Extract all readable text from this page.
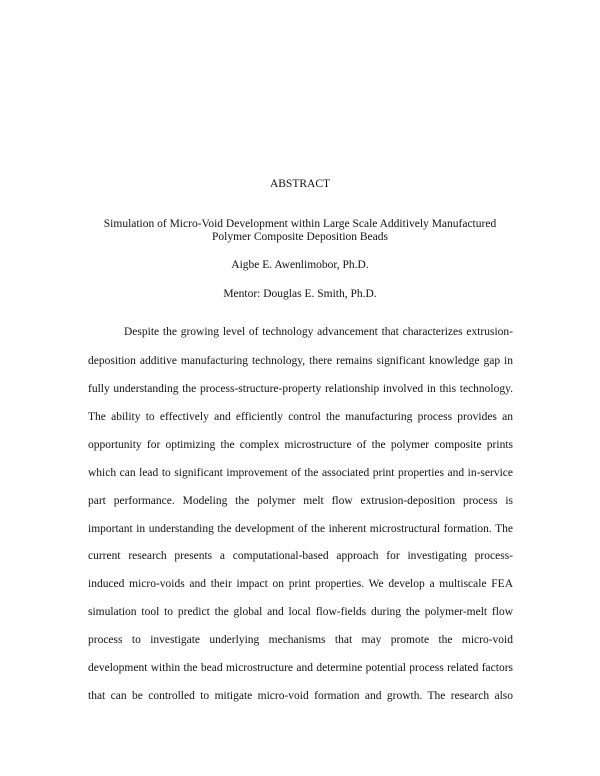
ABSTRACT

Simulation of Micro-Void Development within Large Scale Additively Manufactured
Polymer Composite Deposition Beads

Aigbe E. Awenlimobor, Ph.D.

Mentor: Douglas E. Smith, Ph.D.

Despite the growing level of technology advancement that characterizes extrusion-

deposition additive manufacturing technology, there remains significant knowledge gap in

fully understanding the process-structure-property relationship involved in this technology.

The ability to effectively and efficiently control the manufacturing process provides an

opportunity for optimizing the complex microstructure of the polymer composite prints

which can lead to significant improvement of the associated print properties and in-service

part performance. Modeling the polymer melt flow extrusion-deposition process is

important in understanding the development of the inherent microstructural formation. The

current research presents a computational-based approach for investigating process-

induced micro-voids and their impact on print properties. We develop a multiscale FEA

simulation tool to predict the global and local flow-fields during the polymer-melt flow

process to investigate underlying mechanisms that may promote the micro-void

development within the bead microstructure and determine potential process related factors

that can be controlled to mitigate micro-void formation and growth. The research also
